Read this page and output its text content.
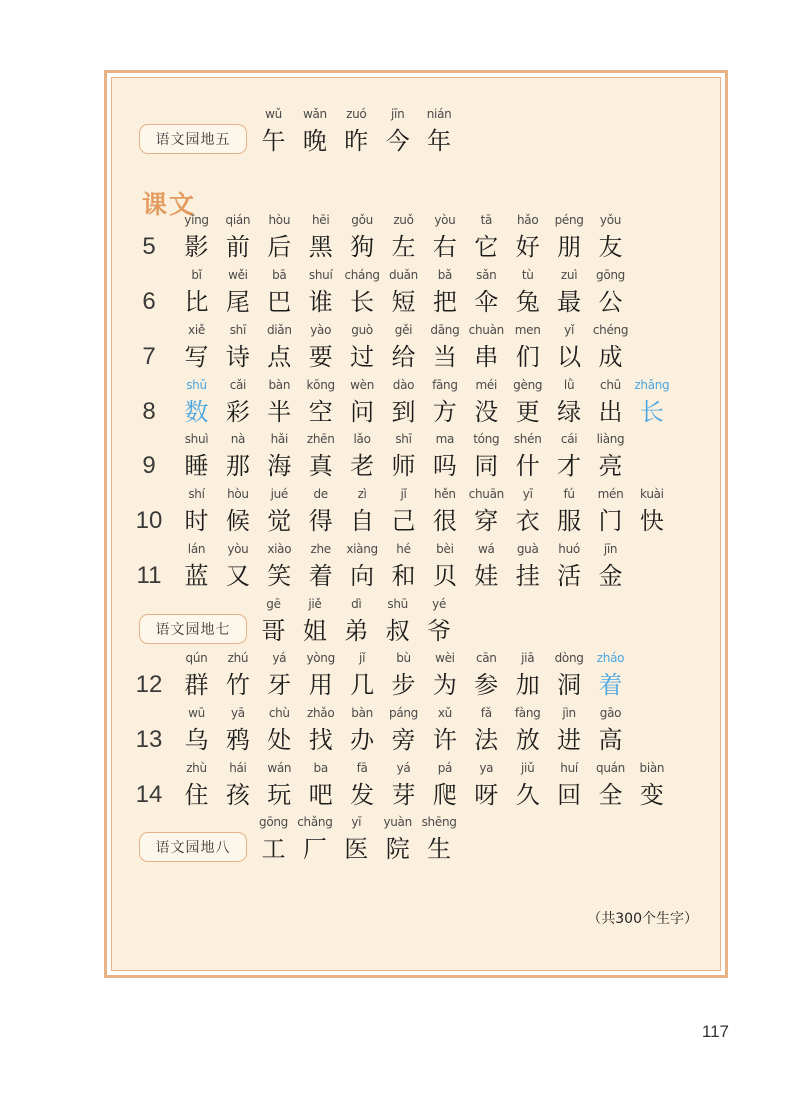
课文
语文园地五
wǔ
午
wǎn
晚
zuó
昨
jīn
今
nián
年
5
yǐng
影
qián
前
hòu
后
hēi
黑
gǒu
狗
zuǒ
左
yòu
右
tā
它
hǎo
好
péng
朋
yǒu
友
6
bǐ
比
wěi
尾
bā
巴
shuí
谁
cháng
长
duǎn
短
bǎ
把
sǎn
伞
tù
兔
zuì
最
gōng
公
7
xiě
写
shī
诗
diǎn
点
yào
要
guò
过
gěi
给
dāng
当
chuàn
串
men
们
yǐ
以
chéng
成
8
shǔ
数
cǎi
彩
bàn
半
kōng
空
wèn
问
dào
到
fāng
方
méi
没
gèng
更
lǜ
绿
chū
出
zhǎng
长
9
shuì
睡
nà
那
hǎi
海
zhēn
真
lǎo
老
shī
师
ma
吗
tóng
同
shén
什
cái
才
liàng
亮
10
shí
时
hòu
候
jué
觉
de
得
zì
自
jǐ
己
hěn
很
chuān
穿
yī
衣
fú
服
mén
门
kuài
快
11
lán
蓝
yòu
又
xiào
笑
zhe
着
xiàng
向
hé
和
bèi
贝
wá
娃
guà
挂
huó
活
jīn
金
语文园地七
gē
哥
jiě
姐
dì
弟
shū
叔
yé
爷
12
qún
群
zhú
竹
yá
牙
yòng
用
jǐ
几
bù
步
wèi
为
cān
参
jiā
加
dòng
洞
zháo
着
13
wū
乌
yā
鸦
chù
处
zhǎo
找
bàn
办
páng
旁
xǔ
许
fǎ
法
fàng
放
jìn
进
gāo
高
14
zhù
住
hái
孩
wán
玩
ba
吧
fā
发
yá
芽
pá
爬
ya
呀
jiǔ
久
huí
回
quán
全
biàn
变
语文园地八
gōng
工
chǎng
厂
yī
医
yuàn
院
shēng
生

（共300个生字）

117
